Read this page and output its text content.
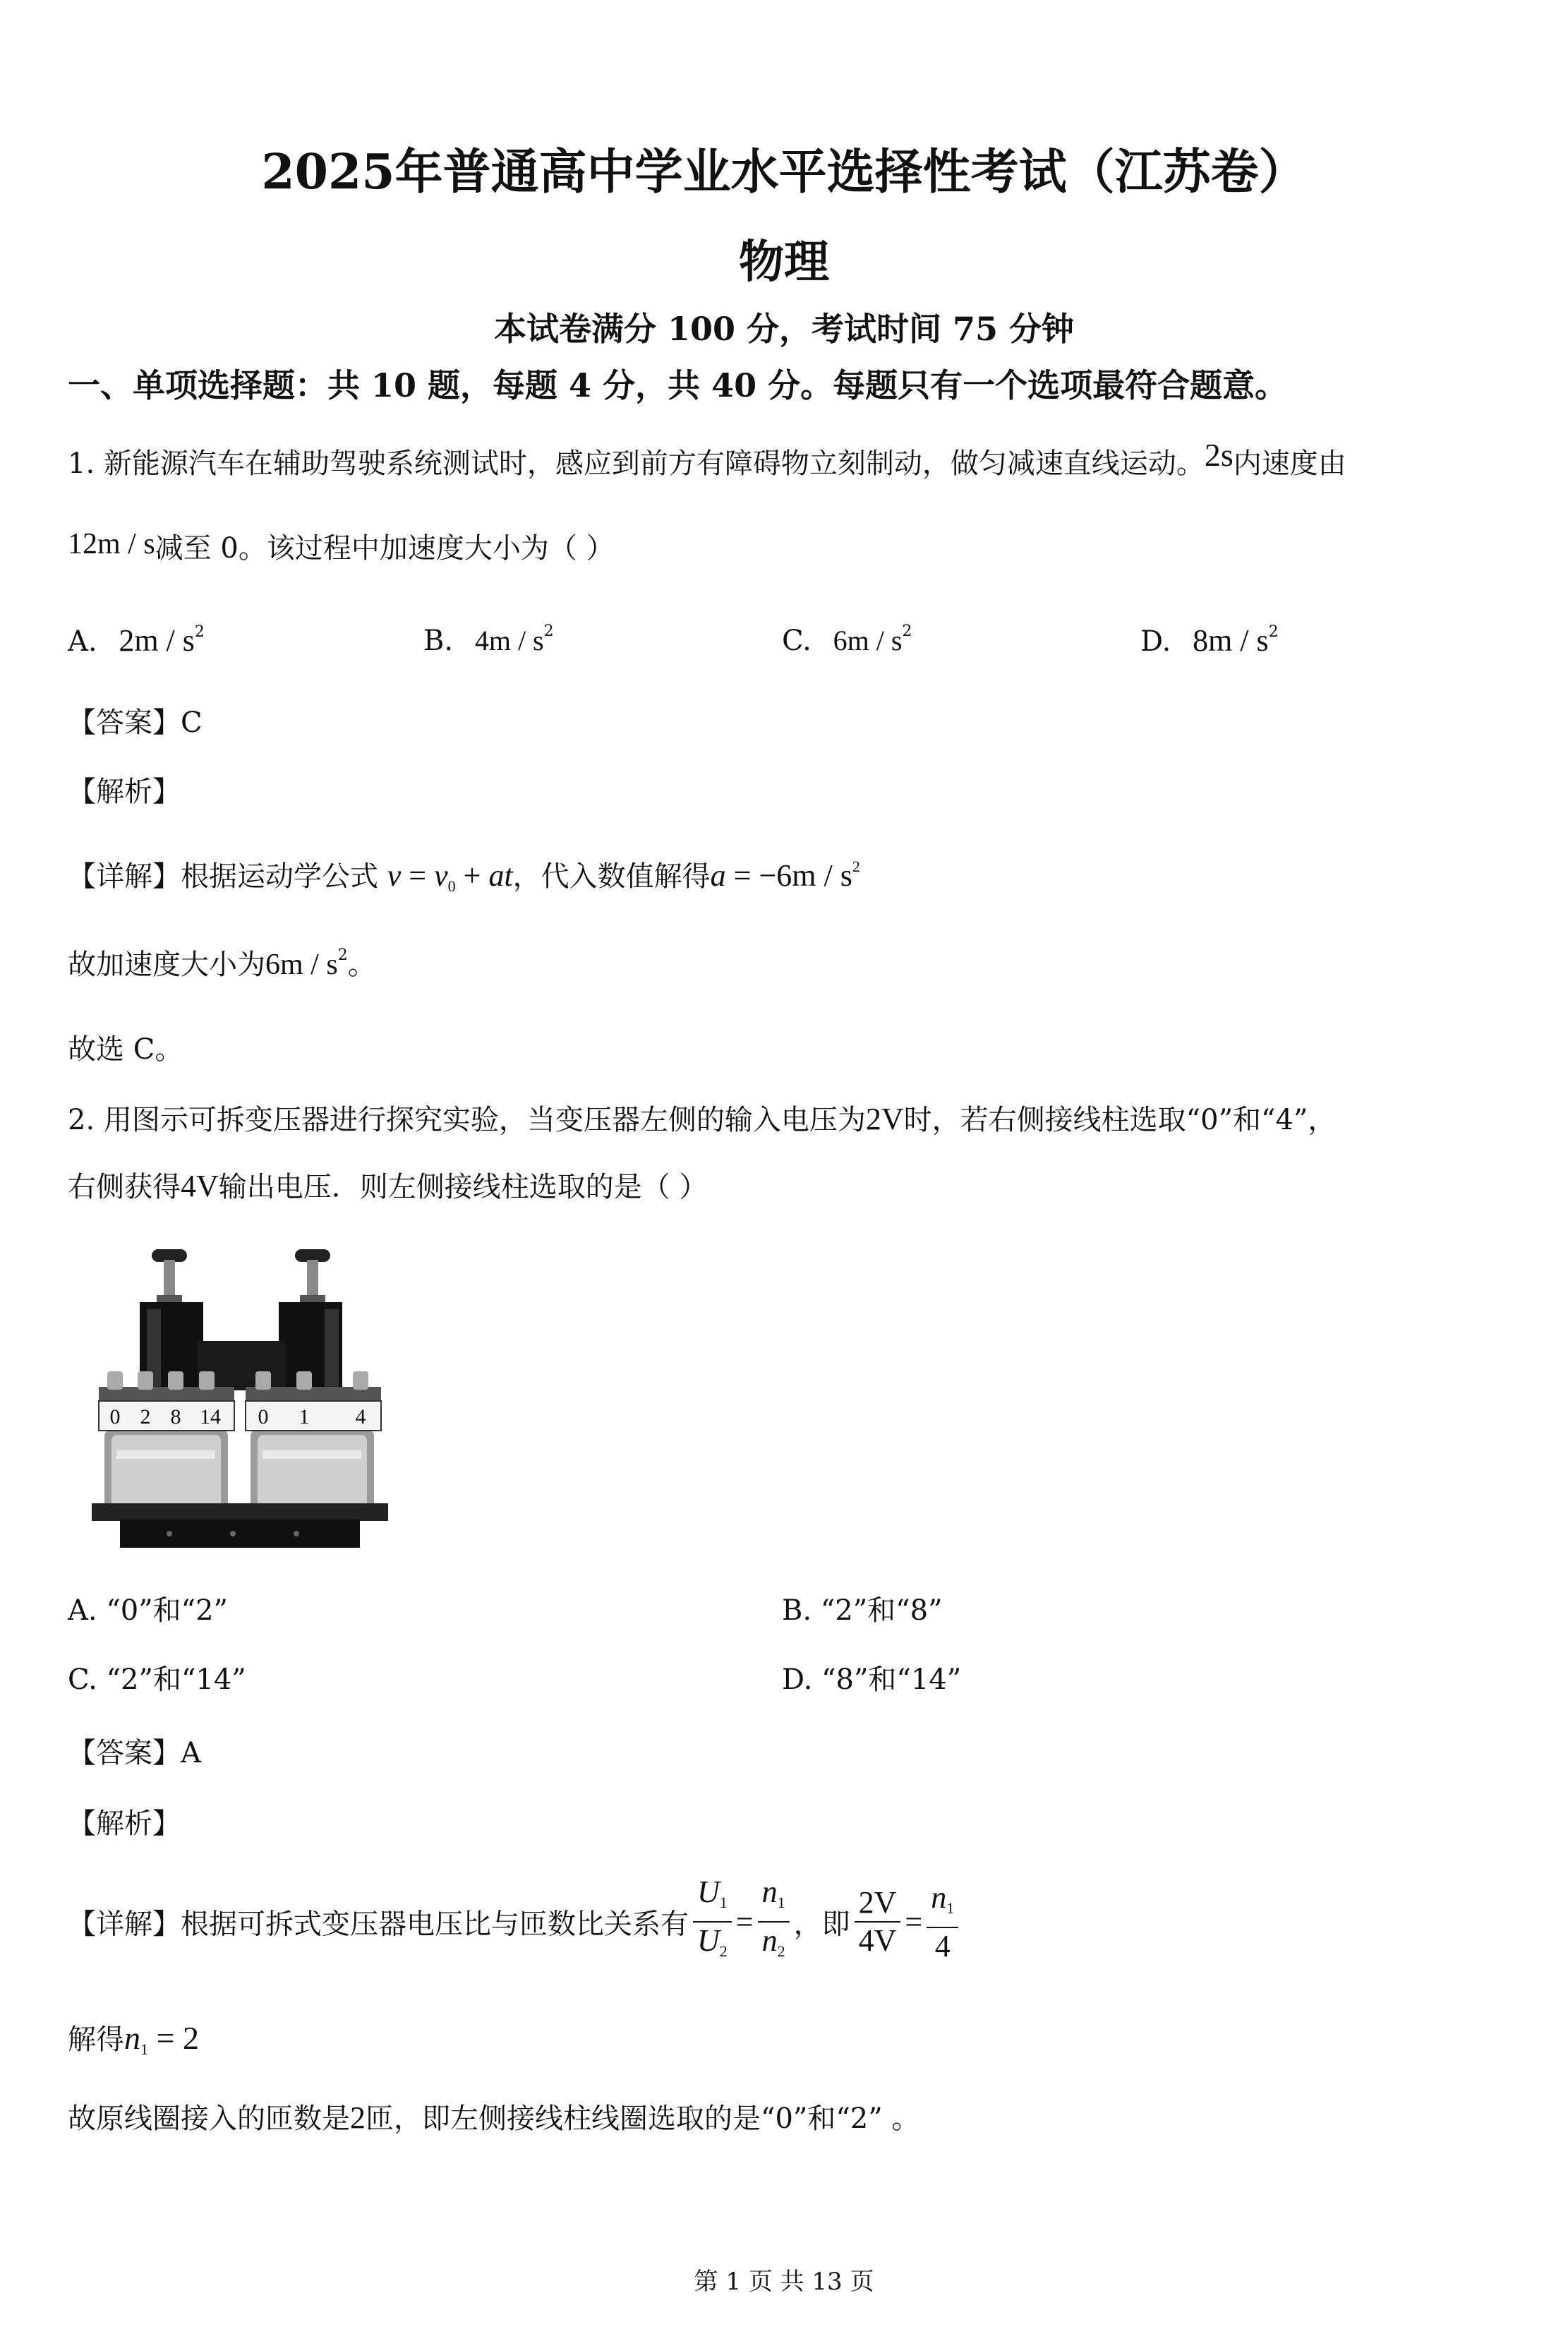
2025年普通高中学业水平选择性考试（江苏卷）
物理
本试卷满分 100 分，考试时间 75 分钟
一、单项选择题：共 10 题，每题 4 分，共 40 分。每题只有一个选项最符合题意。
1. 新能源汽车在辅助驾驶系统测试时，感应到前方有障碍物立刻制动，做匀减速直线运动。2s内速度由
12m / s减至 0。该过程中加速度大小为（ ）
A. $2m / s^2$	B. $4m / s^2$	C. $6m / s^2$	D. $8m / s^2$
【答案】C
【解析】
【详解】根据运动学公式 $v = v_0$ + at，代入数值解得$a = -6m / s^2$
故加速度大小为$6m / s^2$。
故选 C。
2. 用图示可拆变压器进行探究实验，当变压器左侧的输入电压为2V时，若右侧接线柱选取“0”和“4”，
右侧获得4V输出电压．则左侧接线柱选取的是（ ）
0 2 8 14 0 1 4
A. “0”和“2”	B. “2”和“8”
C. “2”和“14”	D. “8”和“14”
【答案】A
【解析】
【详解】根据可拆式变压器电压比与匝数比关系有 $\frac{U_1}{U_2} = \frac{n_1}{n_2}$ ，即 $\frac{2V}{4V} = \frac{n_1}{4}$
解得$n_1 = 2$
故原线圈接入的匝数是2匝，即左侧接线柱线圈选取的是“0”和“2” 。
第 1 页 共 13 页
